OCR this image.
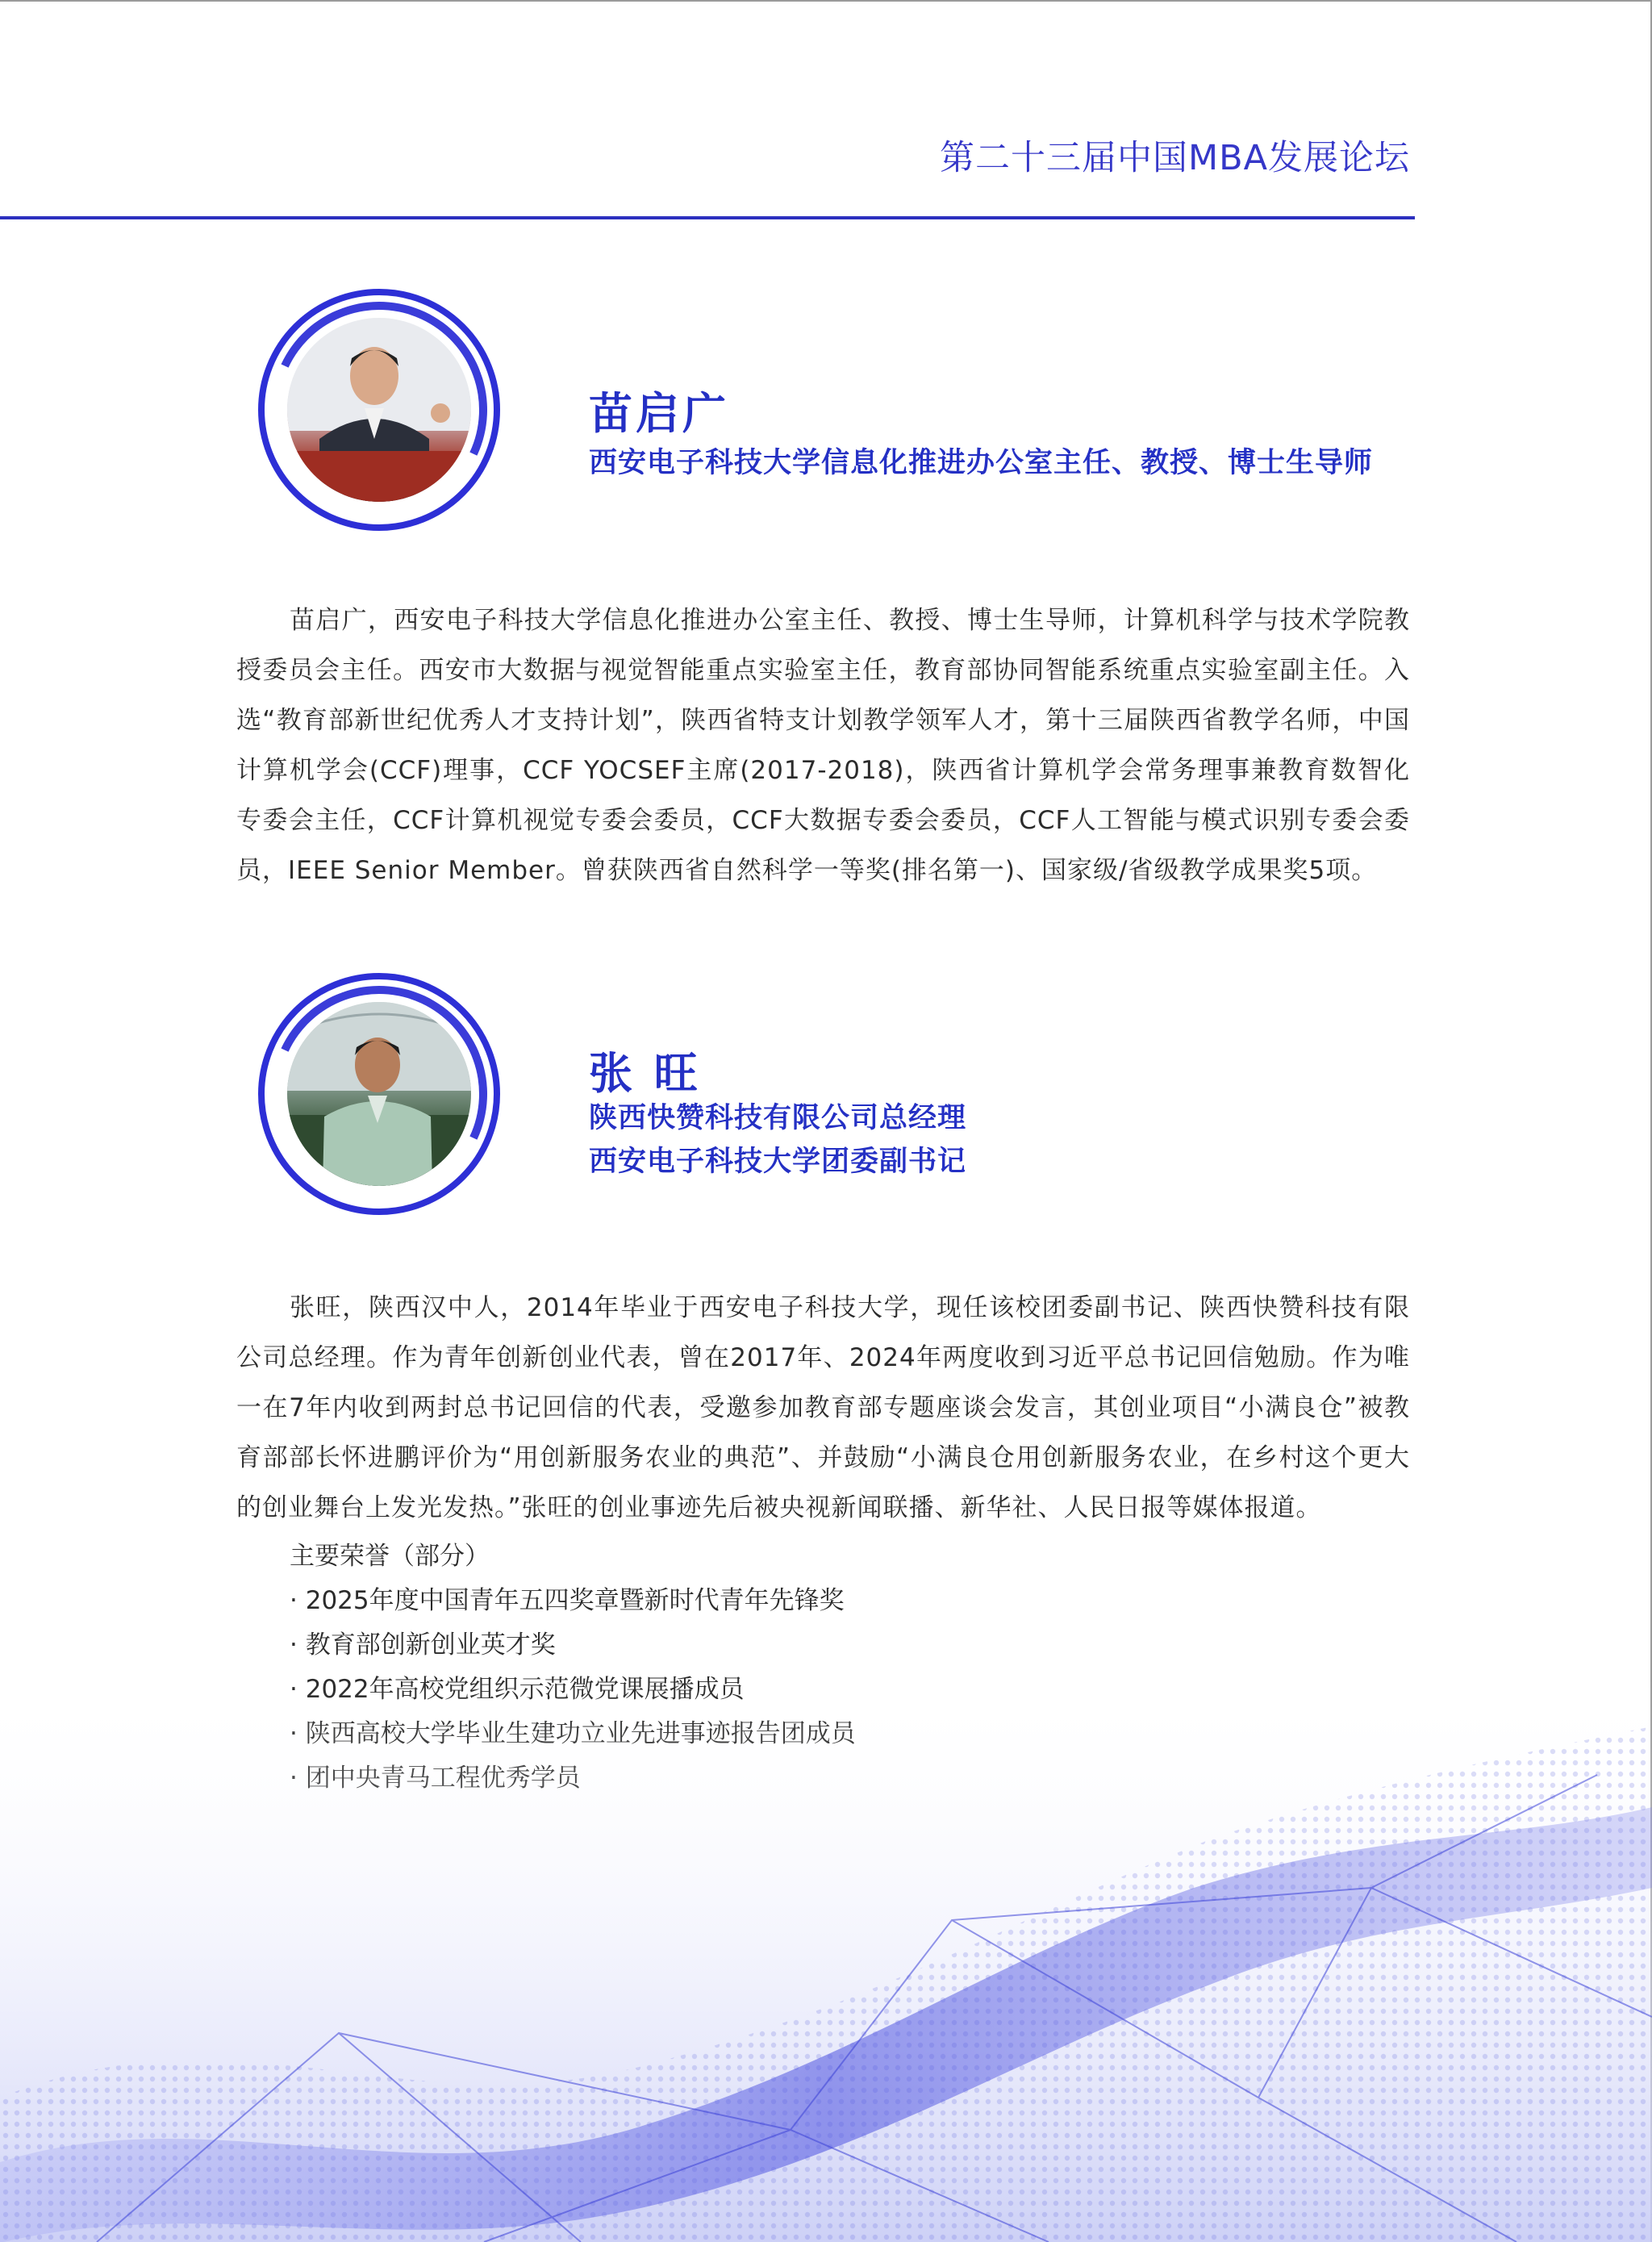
第二十三届中国MBA发展论坛
苗启广
西安电子科技大学信息化推进办公室主任、教授、博士生导师

苗启广，西安电子科技大学信息化推进办公室主任、教授、博士生导师，计算机科学与技术学院教授委员会主任。西安市大数据与视觉智能重点实验室主任，教育部协同智能系统重点实验室副主任。入选“教育部新世纪优秀人才支持计划”，陕西省特支计划教学领军人才，第十三届陕西省教学名师，中国计算机学会(CCF)理事，CCF YOCSEF主席(2017-2018)，陕西省计算机学会常务理事兼教育数智化专委会主任，CCF计算机视觉专委会委员，CCF大数据专委会委员，CCF人工智能与模式识别专委会委员，IEEE Senior Member。曾获陕西省自然科学一等奖(排名第一)、国家级/省级教学成果奖5项。

张 旺
陕西快赞科技有限公司总经理
西安电子科技大学团委副书记

张旺，陕西汉中人，2014年毕业于西安电子科技大学，现任该校团委副书记、陕西快赞科技有限公司总经理。作为青年创新创业代表，曾在2017年、2024年两度收到习近平总书记回信勉励。作为唯一在7年内收到两封总书记回信的代表，受邀参加教育部专题座谈会发言，其创业项目“小满良仓”被教育部部长怀进鹏评价为“用创新服务农业的典范”、并鼓励“小满良仓用创新服务农业，在乡村这个更大的创业舞台上发光发热。”张旺的创业事迹先后被央视新闻联播、新华社、人民日报等媒体报道。

主要荣誉（部分）
· 2025年度中国青年五四奖章暨新时代青年先锋奖
· 教育部创新创业英才奖
·
·
·
